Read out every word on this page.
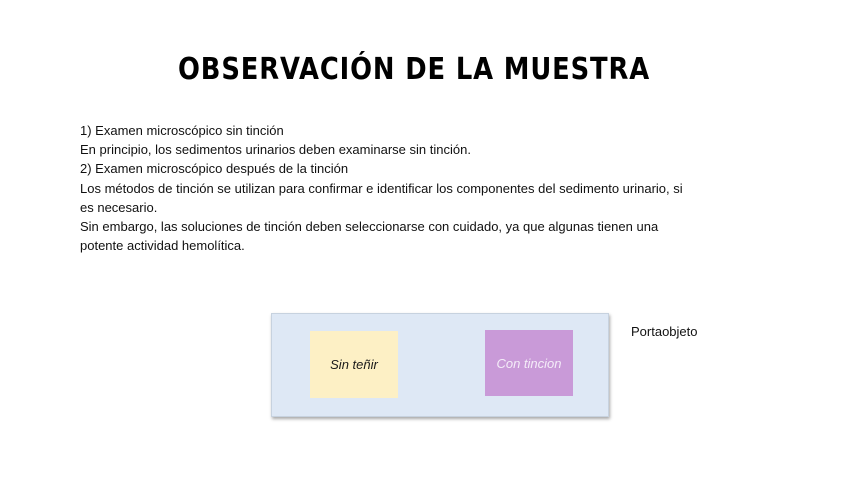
OBSERVACIÓN DE LA MUESTRA
1) Examen microscópico sin tinción
En principio, los sedimentos urinarios deben examinarse sin tinción.
2) Examen microscópico después de la tinción
Los métodos de tinción se utilizan para confirmar e identificar los componentes del sedimento urinario, si
es necesario.
Sin embargo, las soluciones de tinción deben seleccionarse con cuidado, ya que algunas tienen una
potente actividad hemolítica.
Sin teñir	Con tincion
Portaobjeto
